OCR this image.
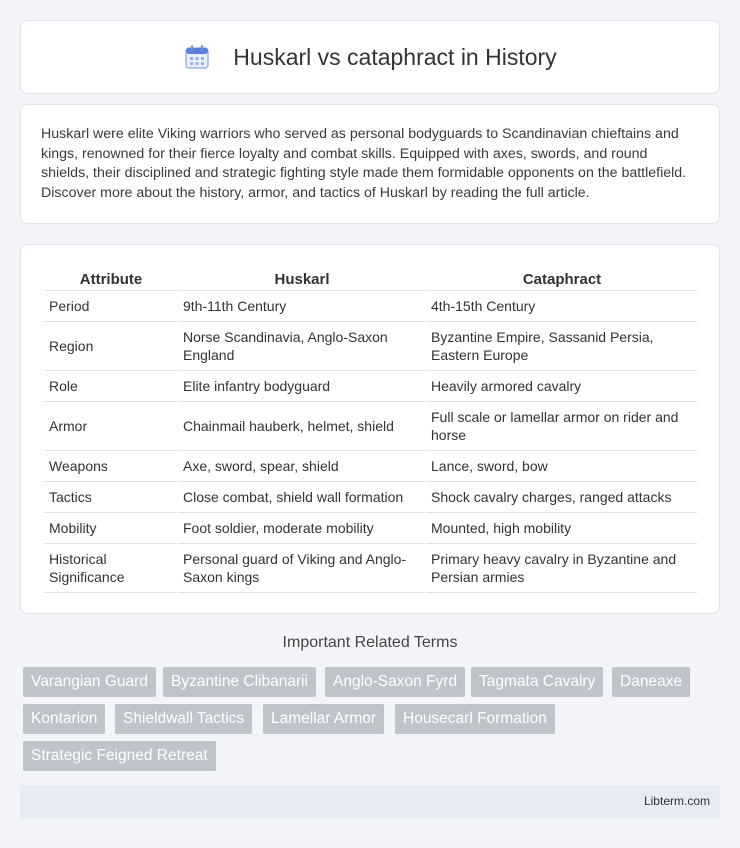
Huskarl vs cataphract in History

Huskarl were elite Viking warriors who served as personal bodyguards to Scandinavian chieftains and kings, renowned for their fierce loyalty and combat skills. Equipped with axes, swords, and round shields, their disciplined and strategic fighting style made them formidable opponents on the battlefield. Discover more about the history, armor, and tactics of Huskarl by reading the full article.

Attribute	Huskarl	Cataphract
Period	9th-11th Century	4th-15th Century
Region	Norse Scandinavia, Anglo-Saxon England	Byzantine Empire, Sassanid Persia, Eastern Europe
Role	Elite infantry bodyguard	Heavily armored cavalry
Armor	Chainmail hauberk, helmet, shield	Full scale or lamellar armor on rider and horse
Weapons	Axe, sword, spear, shield	Lance, sword, bow
Tactics	Close combat, shield wall formation	Shock cavalry charges, ranged attacks
Mobility	Foot soldier, moderate mobility	Mounted, high mobility
Historical Significance	Personal guard of Viking and Anglo-Saxon kings	Primary heavy cavalry in Byzantine and Persian armies
Important Related Terms
Varangian Guard	Byzantine Clibanarii	Anglo-Saxon Fyrd	Tagmata Cavalry	Daneaxe
Kontarion	Shieldwall Tactics	Lamellar Armor	Housecarl Formation
Strategic Feigned Retreat
Libterm.com
